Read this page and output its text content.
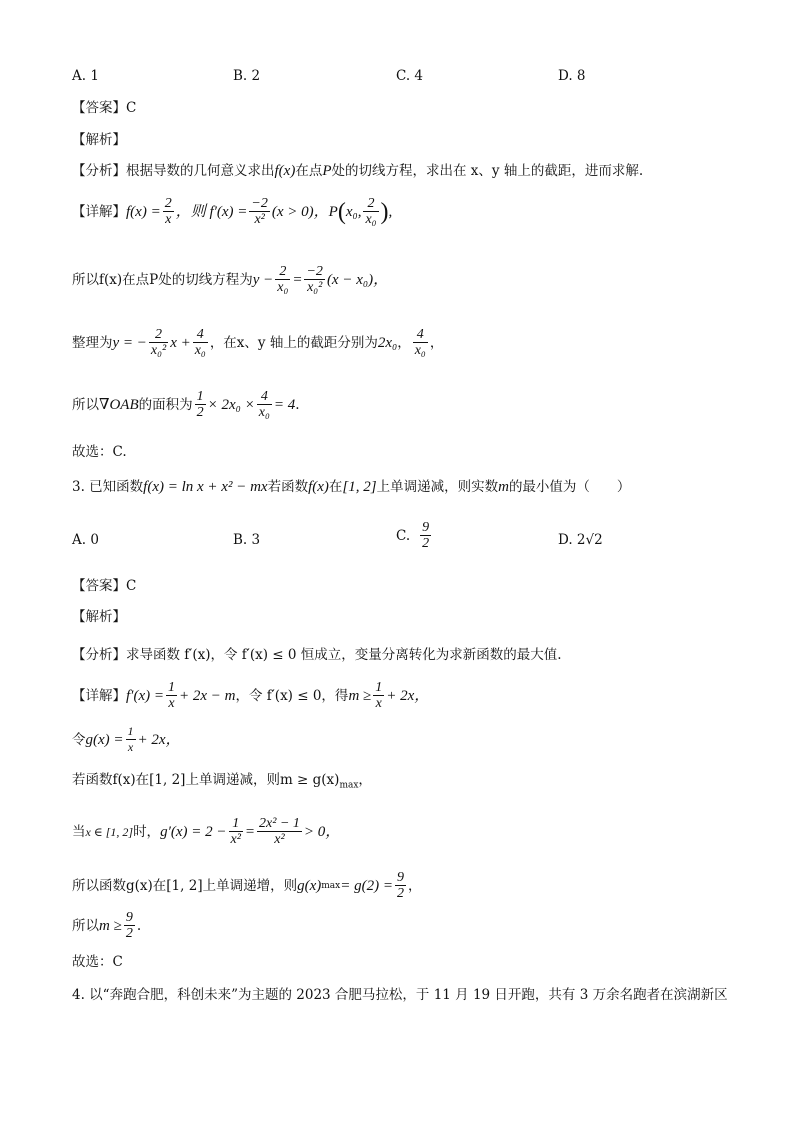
A. 1	B. 2	C. 4	D. 8
【答案】C
【解析】
【分析】根据导数的几何意义求出f(x)在点P处的切线方程，求出在 x、y 轴上的截距，进而求解.
【详解】 $f(x) = \frac{2}{x}$ ，则 $f'(x) = \frac{-2}{\text{x²}} (x > 0)$ ，P ( x₀ , $\frac{2}{\text{x₀}}$ ) ,
所以f(x)在点P处的切线方程为 $y - \frac{2}{\text{x₀}} = \frac{-2}{\text{x₀²}} (x - x_0)$，
整理为 y = − $\frac{2}{\text{x₀²}}$ $x + \frac{4}{\text{x₀}}$ ，在x、y 轴上的截距分别为 2x₀ ， $\frac{4}{\text{x₀}}$ ，
所以 ∇OAB 的面积为 $\frac{1}{2} \times 2x_0 \times \frac{4}{\text{x₀}} = 4$ .
故选：C.
3. 已知函数f(x) = ln x + x² − mx若函数f(x)在[1, 2]上单调递减，则实数m的最小值为（　　）
A. 0	B. 3	C. $\frac{9}{2}$	D. 2√2
【答案】C
【解析】
【分析】求导函数 f′(x)，令 f′(x) ≤ 0 恒成立，变量分离转化为求新函数的最大值.
【详解】 $f'(x) = \frac{1}{x} + 2x - m$ ，令 f′(x) ≤ 0，得 $m \ge \frac{1}{x} + 2x$，
令 $g(x) = \frac{1}{x} + 2x$，
若函数f(x)在[1, 2]上单调递减，则$m \ge g(x)_{max}$，
当 x ∈ [1, 2] 时， $g'(x) = 2 - \frac{1}{\text{x²}} = \frac{\text{2x² − 1}}{\text{x²}} > 0$，
所以函数g(x)在[1, 2]上单调递增，则 g(x) $\max = g(2) = \frac{9}{2}$ ，
所以 $m \ge \frac{9}{2}$ .
故选：C
4. 以“奔跑合肥，科创未来”为主题的 2023 合肥马拉松，于 11 月 19 日开跑，共有 3 万余名跑者在滨湖新区
